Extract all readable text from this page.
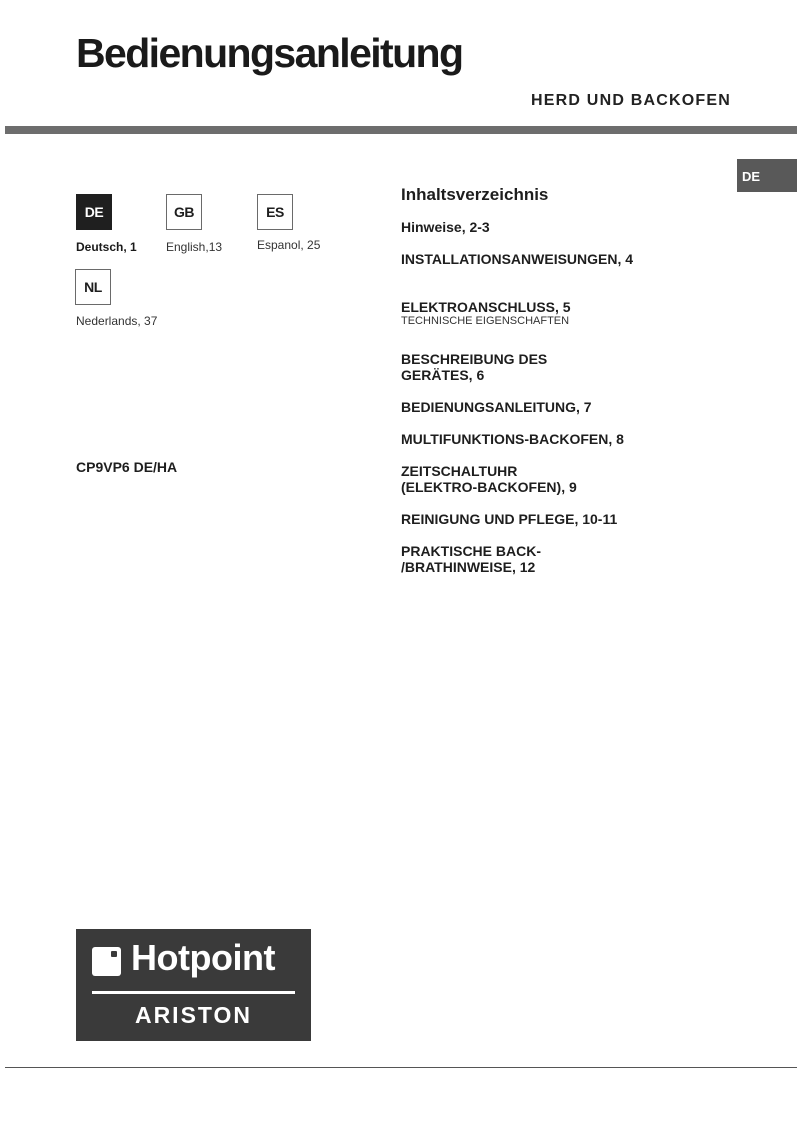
Bedienungsanleitung
HERD UND BACKOFEN
DE
DE
Deutsch, 1
GB
English,13
ES
Espanol, 25
NL
Nederlands, 37
CP9VP6 DE/HA
Inhaltsverzeichnis
Hinweise, 2-3
INSTALLATIONSANWEISUNGEN, 4

ELEKTROANSCHLUSS, 5

TECHNISCHE EIGENSCHAFTEN

BESCHREIBUNG DES
GERÄTES, 6
BEDIENUNGSANLEITUNG, 7
MULTIFUNKTIONS-BACKOFEN, 8
ZEITSCHALTUHR
(ELEKTRO-BACKOFEN), 9
REINIGUNG UND PFLEGE, 10-11
PRAKTISCHE BACK-
/BRATHINWEISE, 12
Hotpoint
ARISTON
